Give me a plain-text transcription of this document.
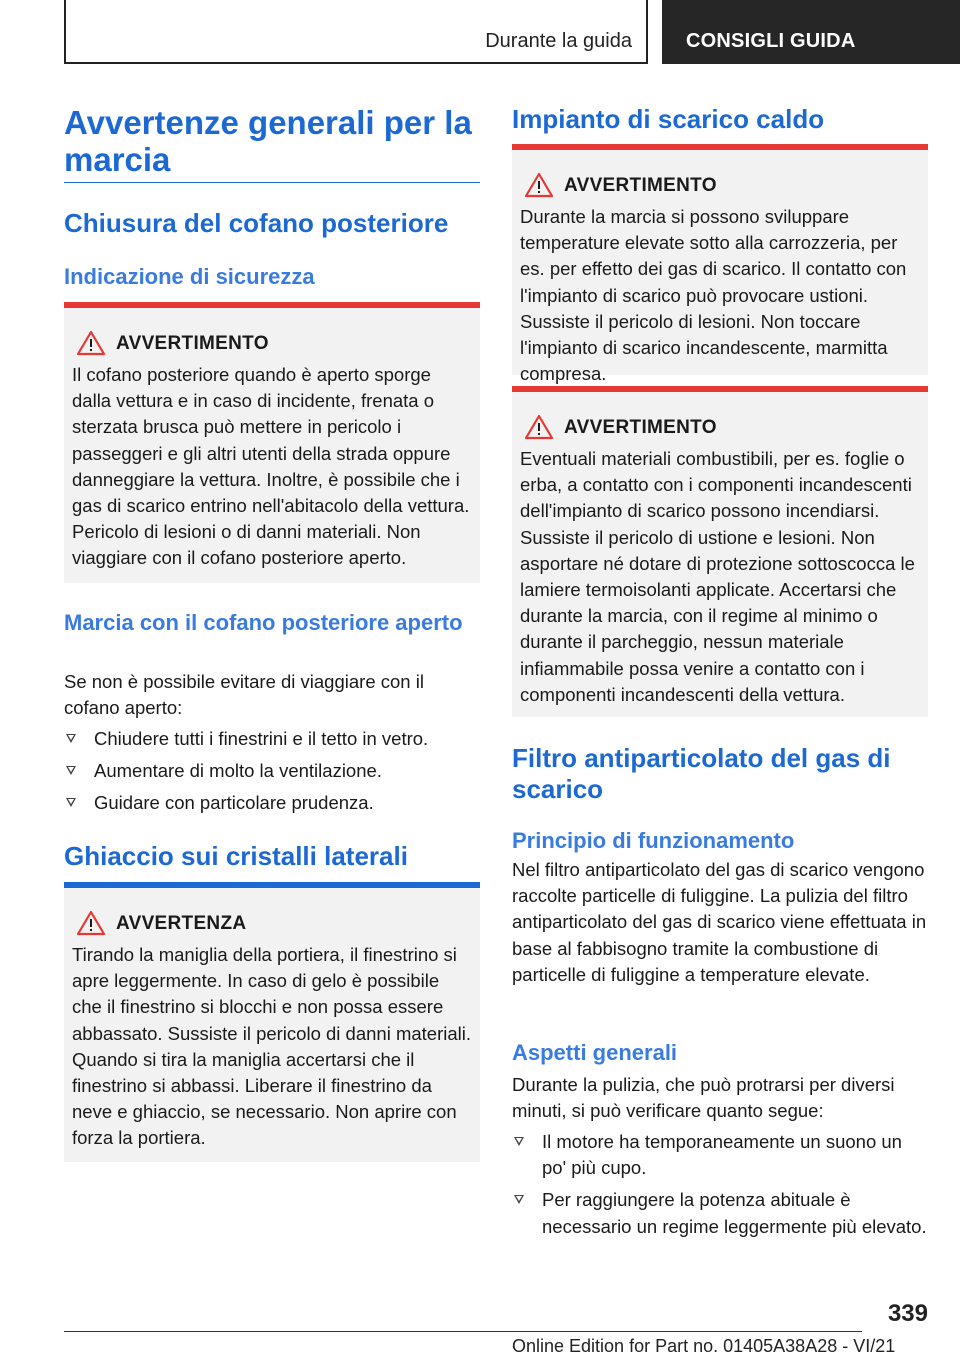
Durante la guida	CONSIGLI GUIDA
Avvertenze generali per la marcia
Chiusura del cofano posteriore
Indicazione di sicurezza
AVVERTIMENTO

Il cofano posteriore quando è aperto sporge dalla vettura e in caso di incidente, frenata o sterzata brusca può mettere in pericolo i passeggeri e gli altri utenti della strada oppure danneggiare la vettura. Inoltre, è possibile che i gas di scarico entrino nell'abitacolo della vettura. Pericolo di lesioni o di danni materiali. Non viaggiare con il cofano posteriore aperto.

Marcia con il cofano posteriore aperto

Se non è possibile evitare di viaggiare con il cofano aperto:

Chiudere tutti i finestrini e il tetto in vetro.
Aumentare di molto la ventilazione.
Guidare con particolare prudenza.
Ghiaccio sui cristalli laterali
AVVERTENZA

Tirando la maniglia della portiera, il finestrino si apre leggermente. In caso di gelo è possibile che il finestrino si blocchi e non possa essere abbassato. Sussiste il pericolo di danni materiali. Quando si tira la maniglia accertarsi che il finestrino si abbassi. Liberare il finestrino da neve e ghiaccio, se necessario. Non aprire con forza la portiera.

Impianto di scarico caldo
AVVERTIMENTO

Durante la marcia si possono sviluppare temperature elevate sotto alla carrozzeria, per es. per effetto dei gas di scarico. Il contatto con l'impianto di scarico può provocare ustioni. Sussiste il pericolo di lesioni. Non toccare l'impianto di scarico incandescente, marmitta compresa.

AVVERTIMENTO

Eventuali materiali combustibili, per es. foglie o erba, a contatto con i componenti incandescenti dell'impianto di scarico possono incendiarsi. Sussiste il pericolo di ustione e lesioni. Non asportare né dotare di protezione sottoscocca le lamiere termoisolanti applicate. Accertarsi che durante la marcia, con il regime al minimo o durante il parcheggio, nessun materiale infiammabile possa venire a contatto con i componenti incandescenti della vettura.

Filtro antiparticolato del gas di scarico
Principio di funzionamento

Nel filtro antiparticolato del gas di scarico vengono raccolte particelle di fuliggine. La pulizia del filtro antiparticolato del gas di scarico viene effettuata in base al fabbisogno tramite la combustione di particelle di fuliggine a temperature elevate.

Aspetti generali

Durante la pulizia, che può protrarsi per diversi minuti, si può verificare quanto segue:

Il motore ha temporaneamente un suono un po' più cupo.
Per raggiungere la potenza abituale è necessario un regime leggermente più elevato.
339
Online Edition for Part no. 01405A38A28 - VI/21
